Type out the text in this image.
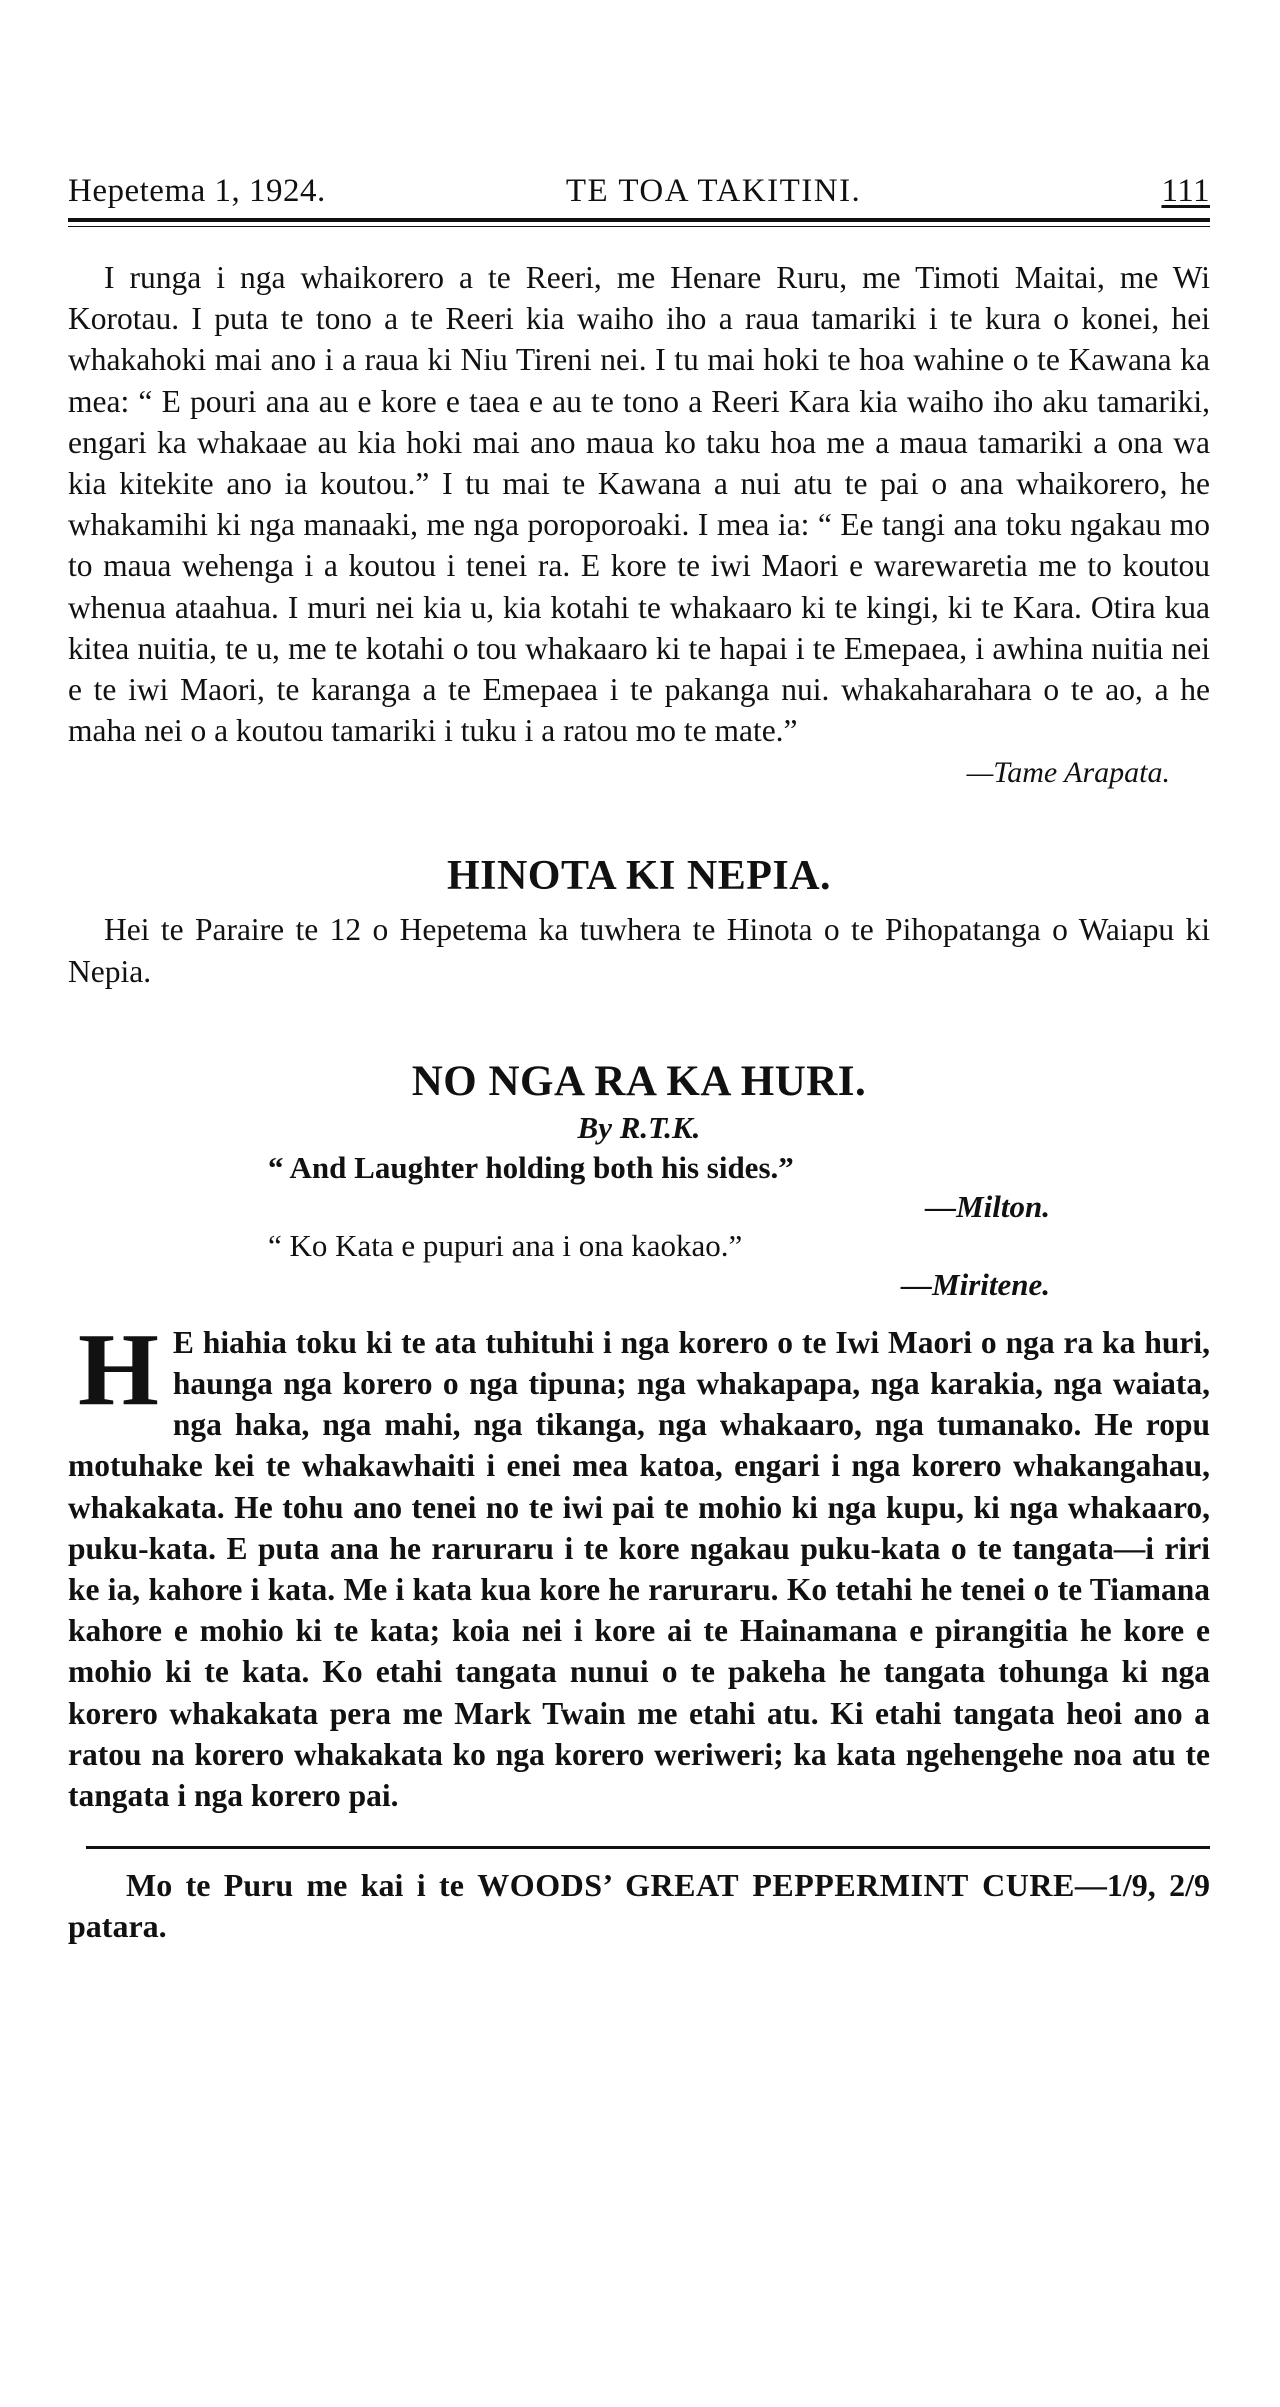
Hepetema 1, 1924.	TE TOA TAKITINI.	111

I runga i nga whaikorero a te Reeri, me Henare Ruru, me Timoti Maitai, me Wi Korotau. I puta te tono a te Reeri kia waiho iho a raua tamariki i te kura o konei, hei whakahoki mai ano i a raua ki Niu Tireni nei. I tu mai hoki te hoa wahine o te Kawana ka mea: “ E pouri ana au e kore e taea e au te tono a Reeri Kara kia waiho iho aku tamariki, engari ka whakaae au kia hoki mai ano maua ko taku hoa me a maua tamariki a ona wa kia kitekite ano ia koutou.” I tu mai te Kawana a nui atu te pai o ana whaikorero, he whakamihi ki nga manaaki, me nga poroporoaki. I mea ia: “ Ee tangi ana toku ngakau mo to maua wehenga i a koutou i tenei ra. E kore te iwi Maori e warewaretia me to koutou whenua ataahua. I muri nei kia u, kia kotahi te whakaaro ki te kingi, ki te Kara. Otira kua kitea nuitia, te u, me te kotahi o tou whakaaro ki te hapai i te Emepaea, i awhina nuitia nei e te iwi Maori, te karanga a te Emepaea i te pakanga nui. whakaharahara o te ao, a he maha nei o a koutou tamariki i tuku i a ratou mo te mate.”

—Tame Arapata.
HINOTA KI NEPIA.

Hei te Paraire te 12 o Hepetema ka tuwhera te Hinota o te Pihopatanga o Waiapu ki Nepia.

NO NGA RA KA HURI.
By R.T.K.
“ And Laughter holding both his sides.”
—Milton.
“ Ko Kata e pupuri ana i ona kaokao.”
—Miritene.
H E hiahia toku ki te ata tuhituhi i nga korero o te Iwi Maori o nga ra ka huri, haunga nga korero o nga tipuna; nga whakapapa, nga karakia, nga waiata, nga haka, nga mahi, nga tikanga, nga whakaaro, nga tumanako. He ropu motuhake kei te whakawhaiti i enei mea katoa, engari i nga korero whakangahau, whakakata. He tohu ano tenei no te iwi pai te mohio ki nga kupu, ki nga whakaaro, puku-kata. E puta ana he raruraru i te kore ngakau puku-kata o te tangata—i riri ke ia, kahore i kata. Me i kata kua kore he raruraru. Ko tetahi he tenei o te Tiamana kahore e mohio ki te kata; koia nei i kore ai te Hainamana e pirangitia he kore e mohio ki te kata. Ko etahi tangata nunui o te pakeha he tangata tohunga ki nga korero whakakata pera me Mark Twain me etahi atu. Ki etahi tangata heoi ano a ratou na korero whakakata ko nga korero weriweri; ka kata ngehengehe noa atu te tangata i nga korero pai.
Mo te Puru me kai i te WOODS’ GREAT PEPPERMINT CURE—1/9, 2/9 patara.
